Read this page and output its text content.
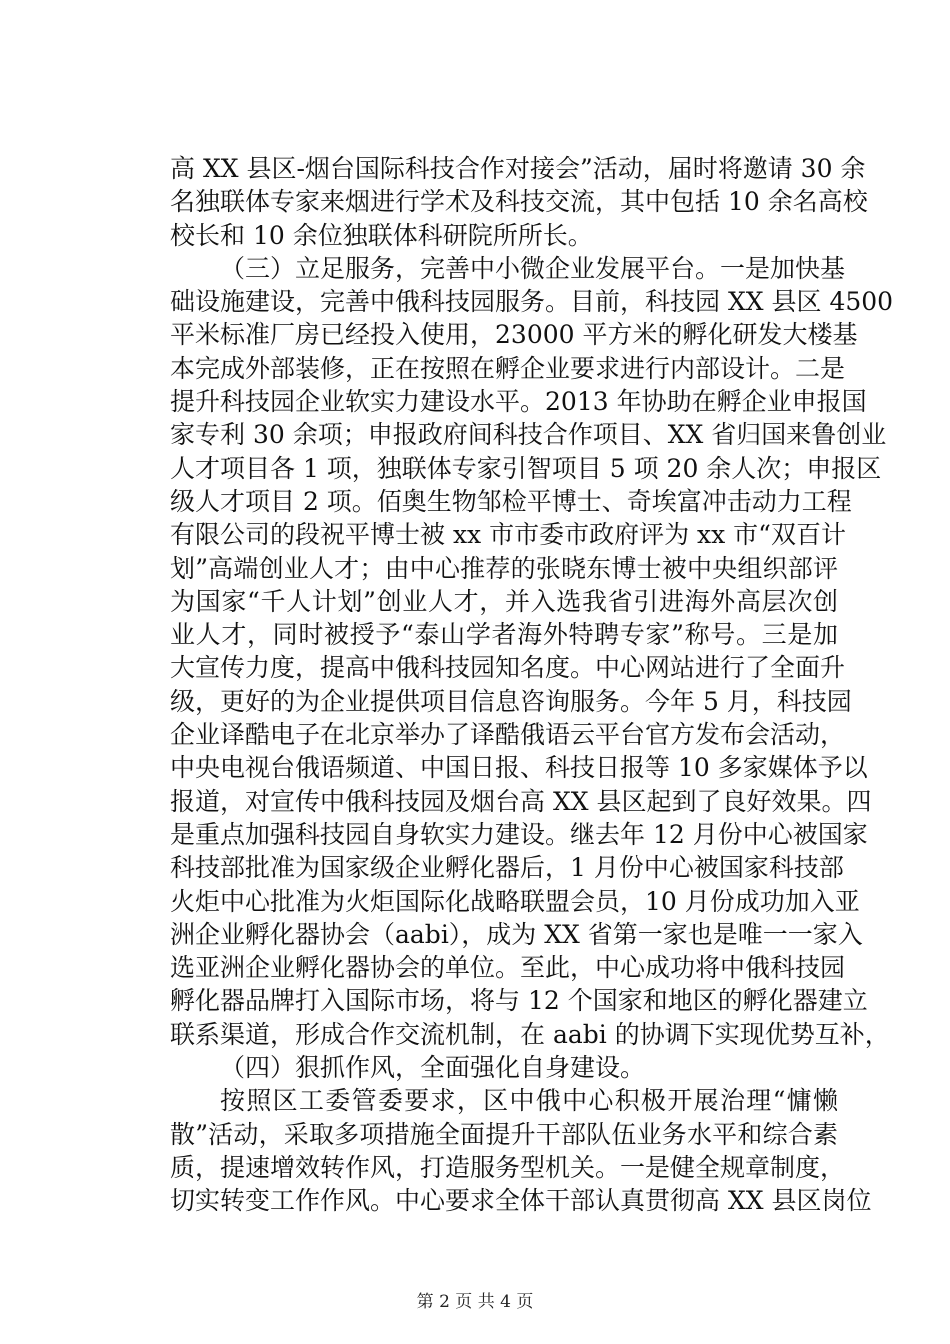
高 XX 县区-烟台国际科技合作对接会”活动，届时将邀请 30 余
名独联体专家来烟进行学术及科技交流，其中包括 10 余名高校
校长和 10 余位独联体科研院所所长。
（三）立足服务，完善中小微企业发展平台。一是加快基
础设施建设，完善中俄科技园服务。目前，科技园 XX 县区 4500
平米标准厂房已经投入使用，23000 平方米的孵化研发大楼基
本完成外部装修，正在按照在孵企业要求进行内部设计。二是
提升科技园企业软实力建设水平。2013 年协助在孵企业申报国
家专利 30 余项；申报政府间科技合作项目、XX 省归国来鲁创业
人才项目各 1 项，独联体专家引智项目 5 项 20 余人次；申报区
级人才项目 2 项。佰奥生物邹检平博士、奇埃富冲击动力工程
有限公司的段祝平博士被 xx 市市委市政府评为 xx 市“双百计
划”高端创业人才；由中心推荐的张晓东博士被中央组织部评
为国家“千人计划”创业人才，并入选我省引进海外高层次创
业人才，同时被授予“泰山学者海外特聘专家”称号。三是加
大宣传力度，提高中俄科技园知名度。中心网站进行了全面升
级，更好的为企业提供项目信息咨询服务。今年 5 月，科技园
企业译酷电子在北京举办了译酷俄语云平台官方发布会活动，
中央电视台俄语频道、中国日报、科技日报等 10 多家媒体予以
报道，对宣传中俄科技园及烟台高 XX 县区起到了良好效果。四
是重点加强科技园自身软实力建设。继去年 12 月份中心被国家
科技部批准为国家级企业孵化器后，1 月份中心被国家科技部
火炬中心批准为火炬国际化战略联盟会员，10 月份成功加入亚
洲企业孵化器协会（aabi），成为 XX 省第一家也是唯一一家入
选亚洲企业孵化器协会的单位。至此，中心成功将中俄科技园
孵化器品牌打入国际市场，将与 12 个国家和地区的孵化器建立
联系渠道，形成合作交流机制，在 aabi 的协调下实现优势互补，
（四）狠抓作风，全面强化自身建设。
按照区工委管委要求，区中俄中心积极开展治理“慵懒
散”活动，采取多项措施全面提升干部队伍业务水平和综合素
质，提速增效转作风，打造服务型机关。一是健全规章制度，
切实转变工作作风。中心要求全体干部认真贯彻高 XX 县区岗位
第 2 页 共 4 页
